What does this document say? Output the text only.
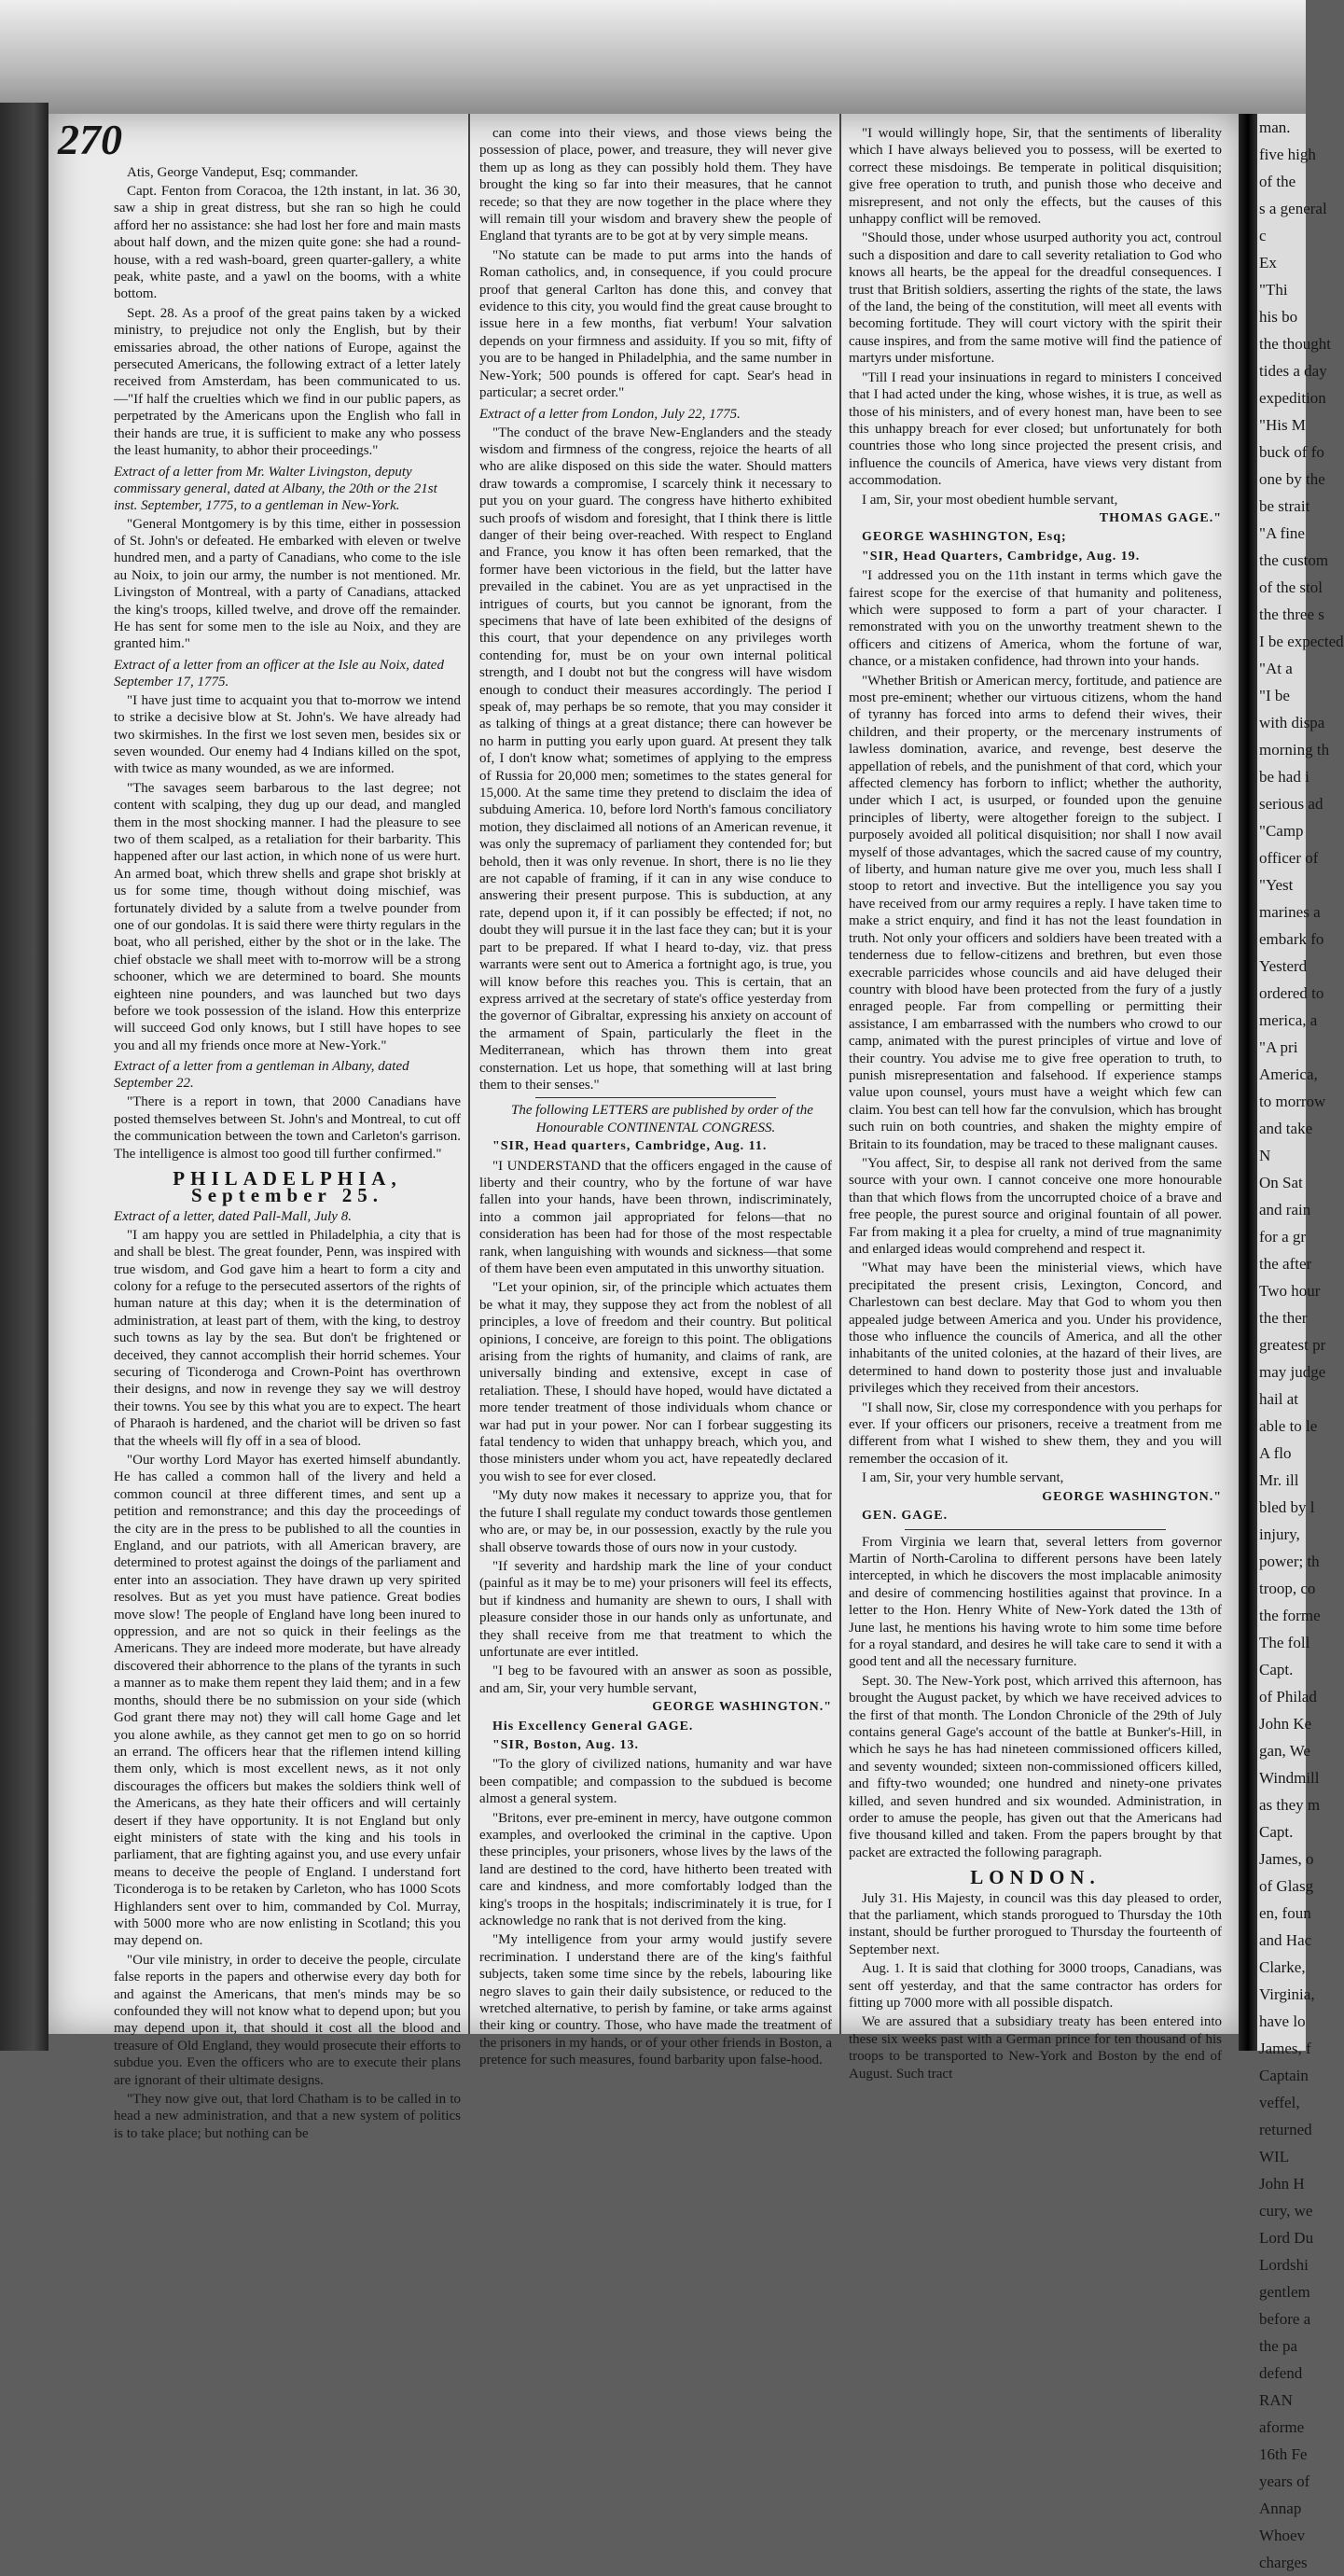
270

Atis, George Vandeput, Esq; commander.

Capt. Fenton from Coracoa, the 12th instant, in lat. 36 30, saw a ship in great distress, but she ran so high he could afford her no assistance: she had lost her fore and main masts about half down, and the mizen quite gone: she had a round-house, with a red wash-board, green quarter-gallery, a white peak, white paste, and a yawl on the booms, with a white bottom.

Sept. 28. As a proof of the great pains taken by a wicked ministry, to prejudice not only the English, but by their emissaries abroad, the other nations of Europe, against the persecuted Americans, the following extract of a letter lately received from Amsterdam, has been communicated to us.—"If half the cruelties which we find in our public papers, as perpetrated by the Americans upon the English who fall in their hands are true, it is sufficient to make any who possess the least humanity, to abhor their proceedings."

Extract of a letter from Mr. Walter Livingston, deputy commissary general, dated at Albany, the 20th or the 21st inst. September, 1775, to a gentleman in New-York.

"General Montgomery is by this time, either in possession of St. John's or defeated. He embarked with eleven or twelve hundred men, and a party of Canadians, who come to the isle au Noix, to join our army, the number is not mentioned. Mr. Livingston of Montreal, with a party of Canadians, attacked the king's troops, killed twelve, and drove off the remainder. He has sent for some men to the isle au Noix, and they are granted him."

Extract of a letter from an officer at the Isle au Noix, dated September 17, 1775.

"I have just time to acquaint you that to-morrow we intend to strike a decisive blow at St. John's. We have already had two skirmishes. In the first we lost seven men, besides six or seven wounded. Our enemy had 4 Indians killed on the spot, with twice as many wounded, as we are informed.

"The savages seem barbarous to the last degree; not content with scalping, they dug up our dead, and mangled them in the most shocking manner. I had the pleasure to see two of them scalped, as a retaliation for their barbarity. This happened after our last action, in which none of us were hurt. An armed boat, which threw shells and grape shot briskly at us for some time, though without doing mischief, was fortunately divided by a salute from a twelve pounder from one of our gondolas. It is said there were thirty regulars in the boat, who all perished, either by the shot or in the lake. The chief obstacle we shall meet with to-morrow will be a strong schooner, which we are determined to board. She mounts eighteen nine pounders, and was launched but two days before we took possession of the island. How this enterprize will succeed God only knows, but I still have hopes to see you and all my friends once more at New-York."

Extract of a letter from a gentleman in Albany, dated September 22.

"There is a report in town, that 2000 Canadians have posted themselves between St. John's and Montreal, to cut off the communication between the town and Carleton's garrison. The intelligence is almost too good till further confirmed."

PHILADELPHIA, September 25.
Extract of a letter, dated Pall-Mall, July 8.

"I am happy you are settled in Philadelphia, a city that is and shall be blest. The great founder, Penn, was inspired with true wisdom, and God gave him a heart to form a city and colony for a refuge to the persecuted assertors of the rights of human nature at this day; when it is the determination of administration, at least part of them, with the king, to destroy such towns as lay by the sea. But don't be frightened or deceived, they cannot accomplish their horrid schemes. Your securing of Ticonderoga and Crown-Point has overthrown their designs, and now in revenge they say we will destroy their towns. You see by this what you are to expect. The heart of Pharaoh is hardened, and the chariot will be driven so fast that the wheels will fly off in a sea of blood.

"Our worthy Lord Mayor has exerted himself abundantly. He has called a common hall of the livery and held a common council at three different times, and sent up a petition and remonstrance; and this day the proceedings of the city are in the press to be published to all the counties in England, and our patriots, with all American bravery, are determined to protest against the doings of the parliament and enter into an association. They have drawn up very spirited resolves. But as yet you must have patience. Great bodies move slow! The people of England have long been inured to oppression, and are not so quick in their feelings as the Americans. They are indeed more moderate, but have already discovered their abhorrence to the plans of the tyrants in such a manner as to make them repent they laid them; and in a few months, should there be no submission on your side (which God grant there may not) they will call home Gage and let you alone awhile, as they cannot get men to go on so horrid an errand. The officers hear that the riflemen intend killing them only, which is most excellent news, as it not only discourages the officers but makes the soldiers think well of the Americans, as they hate their officers and will certainly desert if they have opportunity. It is not England but only eight ministers of state with the king and his tools in parliament, that are fighting against you, and use every unfair means to deceive the people of England. I understand fort Ticonderoga is to be retaken by Carleton, who has 1000 Scots Highlanders sent over to him, commanded by Col. Murray, with 5000 more who are now enlisting in Scotland; this you may depend on.

"Our vile ministry, in order to deceive the people, circulate false reports in the papers and otherwise every day both for and against the Americans, that men's minds may be so confounded they will not know what to depend upon; but you may depend upon it, that should it cost all the blood and treasure of Old England, they would prosecute their efforts to subdue you. Even the officers who are to execute their plans are ignorant of their ultimate designs.

"They now give out, that lord Chatham is to be called in to head a new administration, and that a new system of politics is to take place; but nothing can be

can come into their views, and those views being the possession of place, power, and treasure, they will never give them up as long as they can possibly hold them. They have brought the king so far into their measures, that he cannot recede; so that they are now together in the place where they will remain till your wisdom and bravery shew the people of England that tyrants are to be got at by very simple means.

"No statute can be made to put arms into the hands of Roman catholics, and, in consequence, if you could procure proof that general Carlton has done this, and convey that evidence to this city, you would find the great cause brought to issue here in a few months, fiat verbum! Your salvation depends on your firmness and assiduity. If you so mit, fifty of you are to be hanged in Philadelphia, and the same number in New-York; 500 pounds is offered for capt. Sear's head in particular; a secret order."

Extract of a letter from London, July 22, 1775.

"The conduct of the brave New-Englanders and the steady wisdom and firmness of the congress, rejoice the hearts of all who are alike disposed on this side the water. Should matters draw towards a compromise, I scarcely think it necessary to put you on your guard. The congress have hitherto exhibited such proofs of wisdom and foresight, that I think there is little danger of their being over-reached. With respect to England and France, you know it has often been remarked, that the former have been victorious in the field, but the latter have prevailed in the cabinet. You are as yet unpractised in the intrigues of courts, but you cannot be ignorant, from the specimens that have of late been exhibited of the designs of this court, that your dependence on any privileges worth contending for, must be on your own internal political strength, and I doubt not but the congress will have wisdom enough to conduct their measures accordingly. The period I speak of, may perhaps be so remote, that you may consider it as talking of things at a great distance; there can however be no harm in putting you early upon guard. At present they talk of, I don't know what; sometimes of applying to the empress of Russia for 20,000 men; sometimes to the states general for 15,000. At the same time they pretend to disclaim the idea of subduing America. 10, before lord North's famous conciliatory motion, they disclaimed all notions of an American revenue, it was only the supremacy of parliament they contended for; but behold, then it was only revenue. In short, there is no lie they are not capable of framing, if it can in any wise conduce to answering their present purpose. This is subduction, at any rate, depend upon it, if it can possibly be effected; if not, no doubt they will pursue it in the last face they can; but it is your part to be prepared. If what I heard to-day, viz. that press warrants were sent out to America a fortnight ago, is true, you will know before this reaches you. This is certain, that an express arrived at the secretary of state's office yesterday from the governor of Gibraltar, expressing his anxiety on account of the armament of Spain, particularly the fleet in the Mediterranean, which has thrown them into great consternation. Let us hope, that something will at last bring them to their senses."

The following LETTERS are published by order of the Honourable CONTINENTAL CONGRESS.

"SIR, Head quarters, Cambridge, Aug. 11.

"I UNDERSTAND that the officers engaged in the cause of liberty and their country, who by the fortune of war have fallen into your hands, have been thrown, indiscriminately, into a common jail appropriated for felons—that no consideration has been had for those of the most respectable rank, when languishing with wounds and sickness—that some of them have been even amputated in this unworthy situation.

"Let your opinion, sir, of the principle which actuates them be what it may, they suppose they act from the noblest of all principles, a love of freedom and their country. But political opinions, I conceive, are foreign to this point. The obligations arising from the rights of humanity, and claims of rank, are universally binding and extensive, except in case of retaliation. These, I should have hoped, would have dictated a more tender treatment of those individuals whom chance or war had put in your power. Nor can I forbear suggesting its fatal tendency to widen that unhappy breach, which you, and those ministers under whom you act, have repeatedly declared you wish to see for ever closed.

"My duty now makes it necessary to apprize you, that for the future I shall regulate my conduct towards those gentlemen who are, or may be, in our possession, exactly by the rule you shall observe towards those of ours now in your custody.

"If severity and hardship mark the line of your conduct (painful as it may be to me) your prisoners will feel its effects, but if kindness and humanity are shewn to ours, I shall with pleasure consider those in our hands only as unfortunate, and they shall receive from me that treatment to which the unfortunate are ever intitled.

"I beg to be favoured with an answer as soon as possible, and am, Sir, your very humble servant,

GEORGE WASHINGTON."

His Excellency General GAGE.

"SIR, Boston, Aug. 13.

"To the glory of civilized nations, humanity and war have been compatible; and compassion to the subdued is become almost a general system.

"Britons, ever pre-eminent in mercy, have outgone common examples, and overlooked the criminal in the captive. Upon these principles, your prisoners, whose lives by the laws of the land are destined to the cord, have hitherto been treated with care and kindness, and more comfortably lodged than the king's troops in the hospitals; indiscriminately it is true, for I acknowledge no rank that is not derived from the king.

"My intelligence from your army would justify severe recrimination. I understand there are of the king's faithful subjects, taken some time since by the rebels, labouring like negro slaves to gain their daily subsistence, or reduced to the wretched alternative, to perish by famine, or take arms against their king or country. Those, who have made the treatment of the prisoners in my hands, or of your other friends in Boston, a pretence for such measures, found barbarity upon false-hood.

"I would willingly hope, Sir, that the sentiments of liberality which I have always believed you to possess, will be exerted to correct these misdoings. Be temperate in political disquisition; give free operation to truth, and punish those who deceive and misrepresent, and not only the effects, but the causes of this unhappy conflict will be removed.

"Should those, under whose usurped authority you act, controul such a disposition and dare to call severity retaliation to God who knows all hearts, be the appeal for the dreadful consequences. I trust that British soldiers, asserting the rights of the state, the laws of the land, the being of the constitution, will meet all events with becoming fortitude. They will court victory with the spirit their cause inspires, and from the same motive will find the patience of martyrs under misfortune.

"Till I read your insinuations in regard to ministers I conceived that I had acted under the king, whose wishes, it is true, as well as those of his ministers, and of every honest man, have been to see this unhappy breach for ever closed; but unfortunately for both countries those who long since projected the present crisis, and influence the councils of America, have views very distant from accommodation.

I am, Sir, your most obedient humble servant,

THOMAS GAGE."

GEORGE WASHINGTON, Esq;

"SIR, Head Quarters, Cambridge, Aug. 19.

"I addressed you on the 11th instant in terms which gave the fairest scope for the exercise of that humanity and politeness, which were supposed to form a part of your character. I remonstrated with you on the unworthy treatment shewn to the officers and citizens of America, whom the fortune of war, chance, or a mistaken confidence, had thrown into your hands.

"Whether British or American mercy, fortitude, and patience are most pre-eminent; whether our virtuous citizens, whom the hand of tyranny has forced into arms to defend their wives, their children, and their property, or the mercenary instruments of lawless domination, avarice, and revenge, best deserve the appellation of rebels, and the punishment of that cord, which your affected clemency has forborn to inflict; whether the authority, under which I act, is usurped, or founded upon the genuine principles of liberty, were altogether foreign to the subject. I purposely avoided all political disquisition; nor shall I now avail myself of those advantages, which the sacred cause of my country, of liberty, and human nature give me over you, much less shall I stoop to retort and invective. But the intelligence you say you have received from our army requires a reply. I have taken time to make a strict enquiry, and find it has not the least foundation in truth. Not only your officers and soldiers have been treated with a tenderness due to fellow-citizens and brethren, but even those execrable parricides whose councils and aid have deluged their country with blood have been protected from the fury of a justly enraged people. Far from compelling or permitting their assistance, I am embarrassed with the numbers who crowd to our camp, animated with the purest principles of virtue and love of their country. You advise me to give free operation to truth, to punish misrepresentation and falsehood. If experience stamps value upon counsel, yours must have a weight which few can claim. You best can tell how far the convulsion, which has brought such ruin on both countries, and shaken the mighty empire of Britain to its foundation, may be traced to these malignant causes.

"You affect, Sir, to despise all rank not derived from the same source with your own. I cannot conceive one more honourable than that which flows from the uncorrupted choice of a brave and free people, the purest source and original fountain of all power. Far from making it a plea for cruelty, a mind of true magnanimity and enlarged ideas would comprehend and respect it.

"What may have been the ministerial views, which have precipitated the present crisis, Lexington, Concord, and Charlestown can best declare. May that God to whom you then appealed judge between America and you. Under his providence, those who influence the councils of America, and all the other inhabitants of the united colonies, at the hazard of their lives, are determined to hand down to posterity those just and invaluable privileges which they received from their ancestors.

"I shall now, Sir, close my correspondence with you perhaps for ever. If your officers our prisoners, receive a treatment from me different from what I wished to shew them, they and you will remember the occasion of it.

I am, Sir, your very humble servant,

GEORGE WASHINGTON."

GEN. GAGE.

From Virginia we learn that, several letters from governor Martin of North-Carolina to different persons have been lately intercepted, in which he discovers the most implacable animosity and desire of commencing hostilities against that province. In a letter to the Hon. Henry White of New-York dated the 13th of June last, he mentions his having wrote to him some time before for a royal standard, and desires he will take care to send it with a good tent and all the necessary furniture.

Sept. 30. The New-York post, which arrived this afternoon, has brought the August packet, by which we have received advices to the first of that month. The London Chronicle of the 29th of July contains general Gage's account of the battle at Bunker's-Hill, in which he says he has had nineteen commissioned officers killed, and seventy wounded; sixteen non-commissioned officers killed, and fifty-two wounded; one hundred and ninety-one privates killed, and seven hundred and six wounded. Administration, in order to amuse the people, has given out that the Americans had five thousand killed and taken. From the papers brought by that packet are extracted the following paragraph.

LONDON.

July 31. His Majesty, in council was this day pleased to order, that the parliament, which stands prorogued to Thursday the 10th instant, should be further prorogued to Thursday the fourteenth of September next.

Aug. 1. It is said that clothing for 3000 troops, Canadians, was sent off yesterday, and that the same contractor has orders for fitting up 7000 more with all possible dispatch.

We are assured that a subsidiary treaty has been entered into these six weeks past with a German prince for ten thousand of his troops to be transported to New-York and Boston by the end of August. Such tract

man.
five high
of the
s a general
c
Ex
"Thi
his bo
the thought
tides a day
expedition
"His M
buck of fo
one by the
be strait
"A fine
the custom
of the stol
the three s
I be expected
"At a
"I be
with dispa
morning th
be had i
serious ad
"Camp
officer of
"Yest
marines a
embark fo
Yesterd
ordered to
merica, a
"A pri
America,
to morrow
and take
N
On Sat
and rain
for a gr
the after
Two hour
the ther
greatest pr
may judge
hail at
able to le
A flo
Mr. ill
bled by l
injury,
power; th
troop, co
the forme
The foll
Capt.
of Philad
John Ke
gan, We
Windmill
as they m
Capt.
James, o
of Glasg
en, foun
and Hac
Clarke,
Virginia,
have lo
James, f
Captain
veffel,
returned
WIL
John H
cury, we
Lord Du
Lordshi
gentlem
before a
the pa
defend
RAN
aforme
16th Fe
years of
Annap
Whoev
charges
